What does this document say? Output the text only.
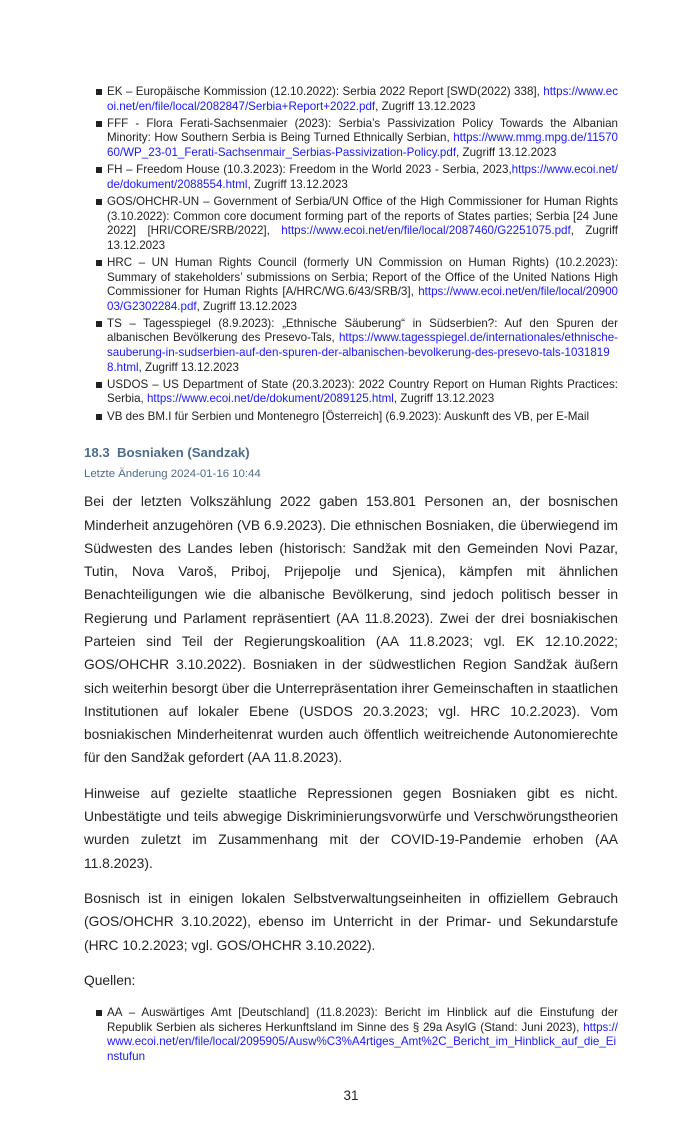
EK – Europäische Kommission (12.10.2022): Serbia 2022 Report [SWD(2022) 338], https://www.ecoi.net/en/file/local/2082847/Serbia+Report+2022.pdf, Zugriff 13.12.2023
FFF - Flora Ferati-Sachsenmaier (2023): Serbia’s Passivization Policy Towards the Albanian Minority: How Southern Serbia is Being Turned Ethnically Serbian, https://www.mmg.mpg.de/1157060/WP_23-01_Ferati-Sachsenmair_Serbias-Passivization-Policy.pdf, Zugriff 13.12.2023
FH – Freedom House (10.3.2023): Freedom in the World 2023 - Serbia, 2023,https://www.ecoi.net/de/dokument/2088554.html, Zugriff 13.12.2023
GOS/OHCHR-UN – Government of Serbia/UN Office of the High Commissioner for Human Rights (3.10.2022): Common core document forming part of the reports of States parties; Serbia [24 June 2022] [HRI/CORE/SRB/2022], https://www.ecoi.net/en/file/local/2087460/G2251075.pdf, Zugriff 13.12.2023
HRC – UN Human Rights Council (formerly UN Commission on Human Rights) (10.2.2023): Summary of stakeholders’ submissions on Serbia; Report of the Office of the United Nations High Commissioner for Human Rights [A/HRC/WG.6/43/SRB/3], https://www.ecoi.net/en/file/local/2090003/G2302284.pdf, Zugriff 13.12.2023
TS – Tagesspiegel (8.9.2023): „Ethnische Säuberung“ in Südserbien?: Auf den Spuren der albanischen Bevölkerung des Presevo-Tals, https://www.tagesspiegel.de/internationales/ethnische-sauberung-in-sudserbien-auf-den-spuren-der-albanischen-bevolkerung-des-presevo-tals-10318198.html, Zugriff 13.12.2023
USDOS – US Department of State (20.3.2023): 2022 Country Report on Human Rights Practices: Serbia, https://www.ecoi.net/de/dokument/2089125.html, Zugriff 13.12.2023
VB des BM.I für Serbien und Montenegro [Österreich] (6.9.2023): Auskunft des VB, per E-Mail
18.3 Bosniaken (Sandzak)
Letzte Änderung 2024-01-16 10:44

Bei der letzten Volkszählung 2022 gaben 153.801 Personen an, der bosnischen Minderheit anzugehören (VB 6.9.2023). Die ethnischen Bosniaken, die überwiegend im Südwesten des Landes leben (historisch: Sandžak mit den Gemeinden Novi Pazar, Tutin, Nova Varoš, Priboj, Prijepolje und Sjenica), kämpfen mit ähnlichen Benachteiligungen wie die albanische Bevölkerung, sind jedoch politisch besser in Regierung und Parlament repräsentiert (AA 11.8.2023). Zwei der drei bosniakischen Parteien sind Teil der Regierungskoalition (AA 11.8.2023; vgl. EK 12.10.2022; GOS/OHCHR 3.10.2022). Bosniaken in der südwestlichen Region Sandžak äußern sich weiterhin besorgt über die Unterrepräsentation ihrer Gemeinschaften in staatlichen Institutionen auf lokaler Ebene (USDOS 20.3.2023; vgl. HRC 10.2.2023). Vom bosniakischen Minderheitenrat wurden auch öffentlich weitreichende Autonomierechte für den Sandžak gefordert (AA 11.8.2023).

Hinweise auf gezielte staatliche Repressionen gegen Bosniaken gibt es nicht. Unbestätigte und teils abwegige Diskriminierungsvorwürfe und Verschwörungstheorien wurden zuletzt im Zusammenhang mit der COVID-19-Pandemie erhoben (AA 11.8.2023).

Bosnisch ist in einigen lokalen Selbstverwaltungseinheiten in offiziellem Gebrauch (GOS/OHCHR 3.10.2022), ebenso im Unterricht in der Primar- und Sekundarstufe (HRC 10.2.2023; vgl. GOS/OHCHR 3.10.2022).

Quellen:

AA – Auswärtiges Amt [Deutschland] (11.8.2023): Bericht im Hinblick auf die Einstufung der Republik Serbien als sicheres Herkunftsland im Sinne des § 29a AsylG (Stand: Juni 2023), https://www.ecoi.net/en/file/local/2095905/Ausw%C3%A4rtiges_Amt%2C_Bericht_im_Hinblick_auf_die_Einstufun
31
